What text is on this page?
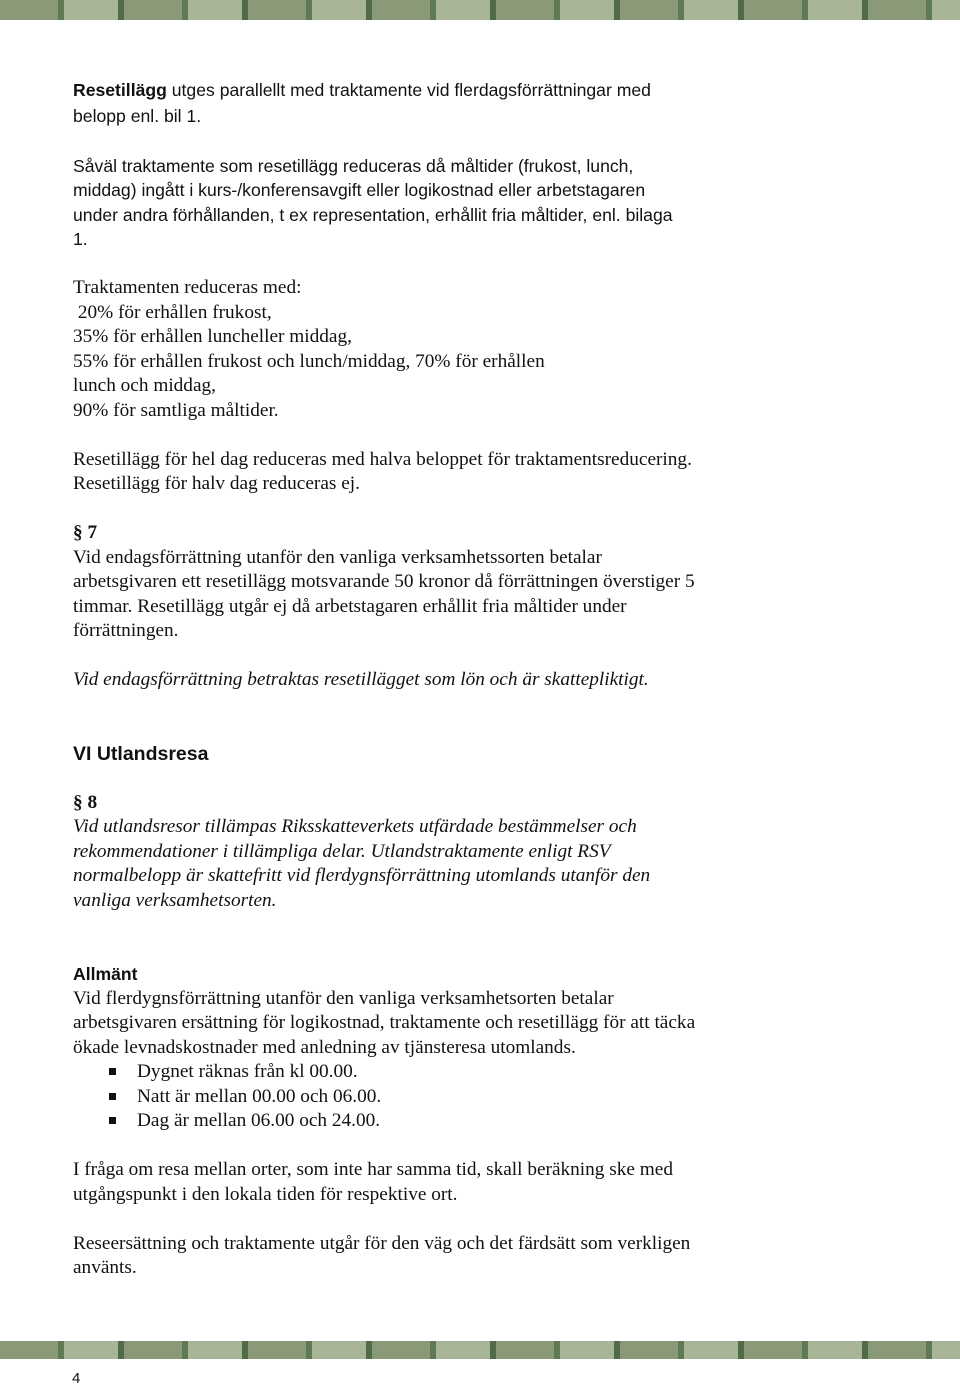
Resetillägg utges parallellt med traktamente vid flerdagsförrättningar med
belopp enl. bil 1.

Såväl traktamente som resetillägg reduceras då måltider (frukost, lunch,
middag) ingått i kurs-/konferensavgift eller logikostnad eller arbetstagaren
under andra förhållanden, t ex representation, erhållit fria måltider, enl. bilaga
1.

Traktamenten reduceras med:
20% för erhållen frukost,
35% för erhållen luncheller middag,
55% för erhållen frukost och lunch/middag, 70% för erhållen
lunch och middag,
90% för samtliga måltider.

Resetillägg för hel dag reduceras med halva beloppet för traktamentsreducering.
Resetillägg för halv dag reduceras ej.

§ 7
Vid endagsförrättning utanför den vanliga verksamhetssorten betalar
arbetsgivaren ett resetillägg motsvarande 50 kronor då förrättningen överstiger 5
timmar. Resetillägg utgår ej då arbetstagaren erhållit fria måltider under
förrättningen.

Vid endagsförrättning betraktas resetillägget som lön och är skattepliktigt.

VI Utlandsresa

§ 8
Vid utlandsresor tillämpas Riksskatteverkets utfärdade bestämmelser och
rekommendationer i tillämpliga delar. Utlandstraktamente enligt RSV
normalbelopp är skattefritt vid flerdygnsförrättning utomlands utanför den
vanliga verksamhetsorten.

Allmänt

Vid flerdygnsförrättning utanför den vanliga verksamhetsorten betalar
arbetsgivaren ersättning för logikostnad, traktamente och resetillägg för att täcka
ökade levnadskostnader med anledning av tjänsteresa utomlands.

Dygnet räknas från kl 00.00.
Natt är mellan 00.00 och 06.00.
Dag är mellan 06.00 och 24.00.

I fråga om resa mellan orter, som inte har samma tid, skall beräkning ske med
utgångspunkt i den lokala tiden för respektive ort.

Reseersättning och traktamente utgår för den väg och det färdsätt som verkligen
använts.

4
